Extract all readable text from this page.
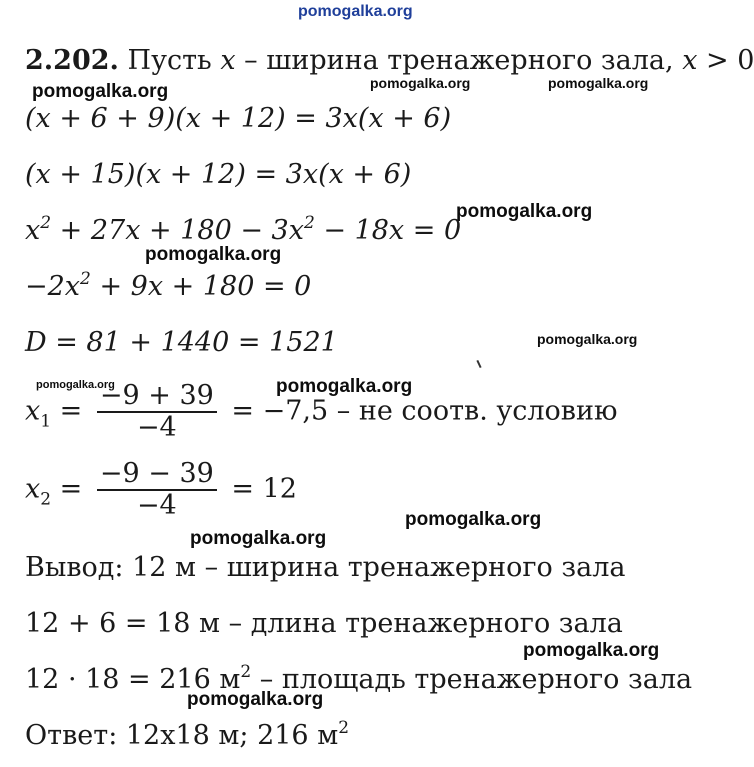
pomogalka.org

pomogalka.org	pomogalka.org	pomogalka.org

pomogalka.org

pomogalka.org

pomogalka.org

pomogalka.org	pomogalka.org

pomogalka.org

pomogalka.org

pomogalka.org

pomogalka.org

2.202. Пусть x – ширина тренажерного зала, x > 0

(x + 6 + 9)(x + 12) = 3x(x + 6)

(x + 15)(x + 12) = 3x(x + 6)

$x^2 + 27x + 180 - 3x^2 - 18x = 0$

$-2x^2 + 9x + 180 = 0$

D = 81 + 1440 = 1521

$x_1 = \frac{-9 + 39}{-4} = -7,5$ – не соотв. условию
$x_2 = \frac{-9 - 39}{-4} = 12$

Вывод: 12 м – ширина тренажерного зала

12 + 6 = 18 м – длина тренажерного зала

12 · 18 = 216 $м^2$ – площадь тренажерного зала

Ответ: 12х18 м; 216 $м^2$
